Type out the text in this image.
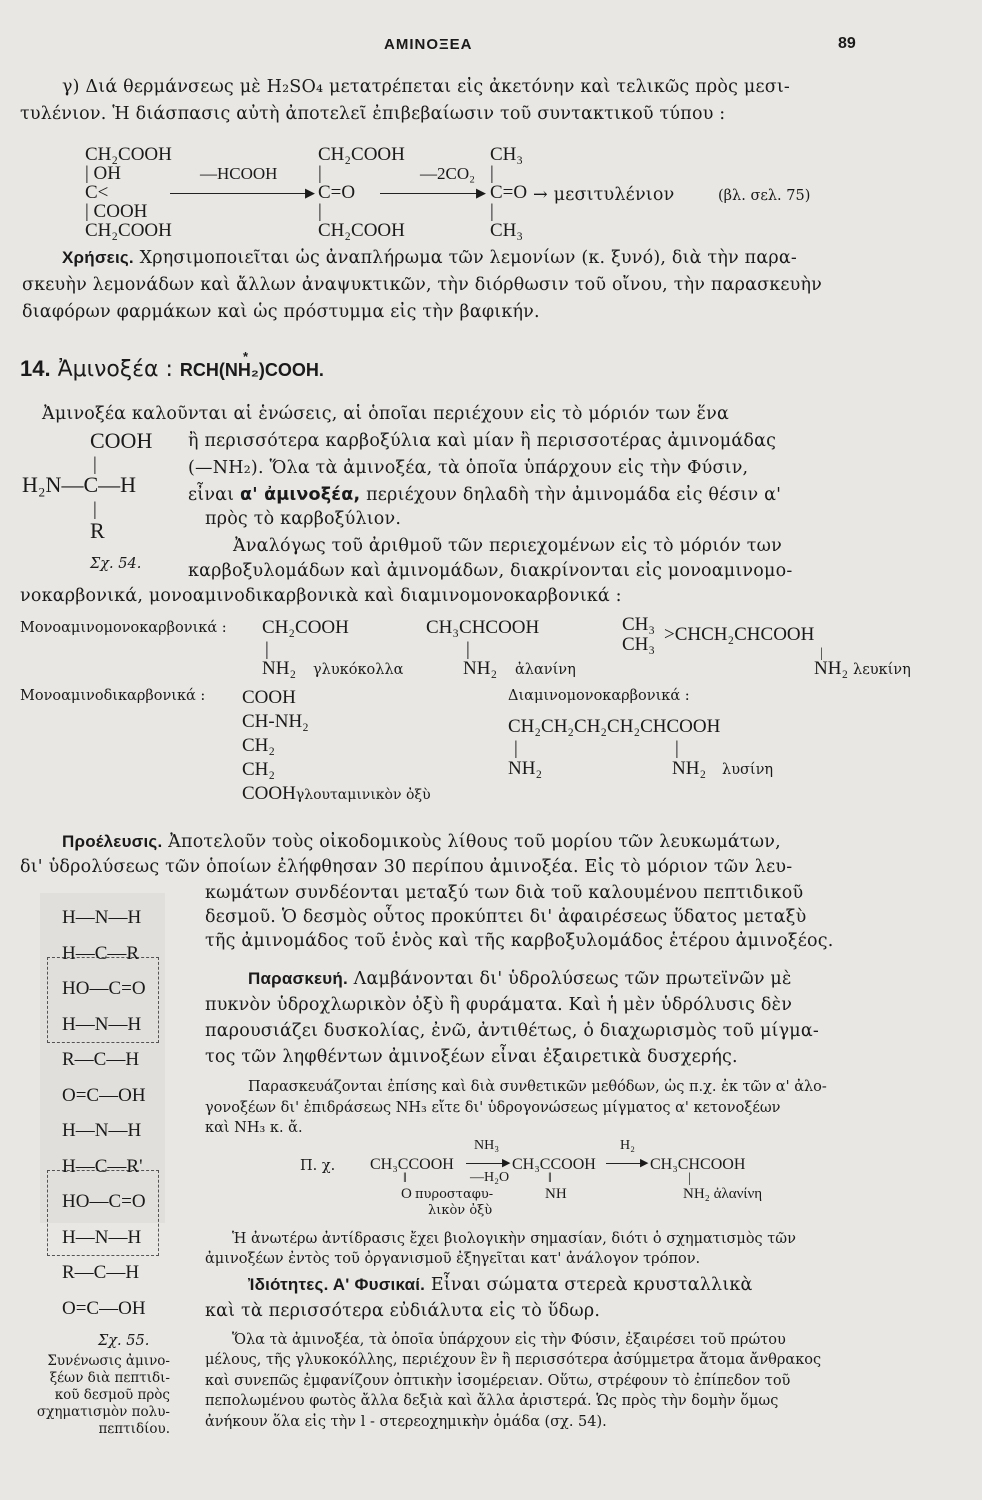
ΑΜΙΝΟΞΕΑ	89
γ) Διά θερμάνσεως μὲ H₂SO₄ μετατρέπεται εἰς ἀκετόνην καὶ τελικῶς πρὸς μεσι-
τυλένιον. Ἡ διάσπασις αὐτὴ ἀποτελεῖ ἐπιβεβαίωσιν τοῦ συντακτικοῦ τύπου :
CH₂COOH
| OH
C<
| COOH
CH₂COOH
—HCOOH
▶
CH₂COOH
|
C=O
|
CH₂COOH
—2CO₂
▶
CH₃
|
C=O
|
CH₃
→ μεσιτυλένιον	(βλ. σελ. 75)
Χρήσεις. Χρησιμοποιεῖται ὡς ἀναπλήρωμα τῶν λεμονίων (κ. ξυνό), διὰ τὴν παρα-
σκευὴν λεμονάδων καὶ ἄλλων ἀναψυκτικῶν, τὴν διόρθωσιν τοῦ οἴνου, τὴν παρασκευὴν
διαφόρων φαρμάκων καὶ ὡς πρόστυμμα εἰς τὴν βαφικήν.
14. Ἀμινοξέα : RCH(NH₂)COOH.
*
Ἀμινοξέα καλοῦνται αἱ ἑνώσεις, αἱ ὁποῖαι περιέχουν εἰς τὸ μόριόν των ἕνα
ἢ περισσότερα καρβοξύλια καὶ μίαν ἢ περισσοτέρας ἀμινομάδας
(—NH₂). Ὅλα τὰ ἀμινοξέα, τὰ ὁποῖα ὑπάρχουν εἰς τὴν Φύσιν,
εἶναι α' ἀμινοξέα, περιέχουν δηλαδὴ τὴν ἀμινομάδα εἰς θέσιν α'
πρὸς τὸ καρβοξύλιον.
Ἀναλόγως τοῦ ἀριθμοῦ τῶν περιεχομένων εἰς τὸ μόριόν των
καρβοξυλομάδων καὶ ἀμινομάδων, διακρίνονται εἰς μονοαμινομο-
νοκαρβονικά, μονοαμινοδικαρβονικὰ καὶ διαμινομονοκαρβονικά :
COOH
|
H₂N—C—H
|
R
Σχ. 54.
Μονοαμινομονοκαρβονικά : CH₂COOH
|
NH₂ γλυκόκολλα
CH₃CHCOOH
|
NH₂ ἀλανίνη
CH₃
CH₃ >CHCH₂CHCOOH
|
NH₂ λευκίνη
Μονοαμινοδικαρβονικά : COOH
CH-NH₂
CH₂
CH₂
COOHγλουταμινικὸν ὀξὺ
Διαμινομονοκαρβονικά :
CH₂CH₂CH₂CH₂CHCOOH
|	|
NH₂	NH₂ λυσίνη
Προέλευσις. Ἀποτελοῦν τοὺς οἰκοδομικοὺς λίθους τοῦ μορίου τῶν λευκωμάτων,
δι' ὑδρολύσεως τῶν ὁποίων ἐλήφθησαν 30 περίπου ἀμινοξέα. Εἰς τὸ μόριον τῶν λευ-
κωμάτων συνδέονται μεταξύ των διὰ τοῦ καλουμένου πεπτιδικοῦ
δεσμοῦ. Ὁ δεσμὸς οὗτος προκύπτει δι' ἀφαιρέσεως ὕδατος μεταξὺ
τῆς ἀμινομάδος τοῦ ἑνὸς καὶ τῆς καρβοξυλομάδος ἑτέρου ἀμινοξέος.
H—N—H
H—C—R
HO—C=O
H—N—H
R—C—H
O=C—OH
H—N—H
H—C—R'
HO—C=O
H—N—H
R—C—H
O=C—OH
Σχ. 55.
Συνένωσις ἀμινο-
ξέων διὰ πεπτιδι-
κοῦ δεσμοῦ πρὸς
σχηματισμὸν πολυ-
πεπτιδίου.
Παρασκευή. Λαμβάνονται δι' ὑδρολύσεως τῶν πρωτεϊνῶν μὲ
πυκνὸν ὑδροχλωρικὸν ὀξὺ ἢ φυράματα. Καὶ ἡ μὲν ὑδρόλυσις δὲν
παρουσιάζει δυσκολίας, ἐνῶ, ἀντιθέτως, ὁ διαχωρισμὸς τοῦ μίγμα-
τος τῶν ληφθέντων ἀμινοξέων εἶναι ἐξαιρετικὰ δυσχερής.
Παρασκευάζονται ἐπίσης καὶ διὰ συνθετικῶν μεθόδων, ὡς π.χ. ἐκ τῶν α' ἀλο-
γονοξέων δι' ἐπιδράσεως NH₃ εἴτε δι' ὑδρογονώσεως μίγματος α' κετονοξέων
καὶ NH₃ κ. ἄ.
Π. χ. CH₃CCOOH
‖
O πυροσταφυ-
λικὸν ὀξὺ
NH₃
▶
—H₂O
CH₃CCOOH
‖
NH
H₂
▶ CH₃CHCOOH
|
NH₂ ἀλανίνη
Ἡ ἀνωτέρω ἀντίδρασις ἔχει βιολογικὴν σημασίαν, διότι ὁ σχηματισμὸς τῶν
ἀμινοξέων ἐντὸς τοῦ ὀργανισμοῦ ἐξηγεῖται κατ' ἀνάλογον τρόπον.
Ἰδιότητες. Α' Φυσικαί. Εἶναι σώματα στερεὰ κρυσταλλικὰ
καὶ τὰ περισσότερα εὐδιάλυτα εἰς τὸ ὕδωρ.
Ὅλα τὰ ἀμινοξέα, τὰ ὁποῖα ὑπάρχουν εἰς τὴν Φύσιν, ἐξαιρέσει τοῦ πρώτου
μέλους, τῆς γλυκοκόλλης, περιέχουν ἓν ἢ περισσότερα ἀσύμμετρα ἄτομα ἄνθρακος
καὶ συνεπῶς ἐμφανίζουν ὀπτικὴν ἰσομέρειαν. Οὕτω, στρέφουν τὸ ἐπίπεδον τοῦ
πεπολωμένου φωτὸς ἄλλα δεξιὰ καὶ ἄλλα ἀριστερά. Ὡς πρὸς τὴν δομὴν ὅμως
ἀνήκουν ὅλα εἰς τὴν l - στερεοχημικὴν ὁμάδα (σχ. 54).
